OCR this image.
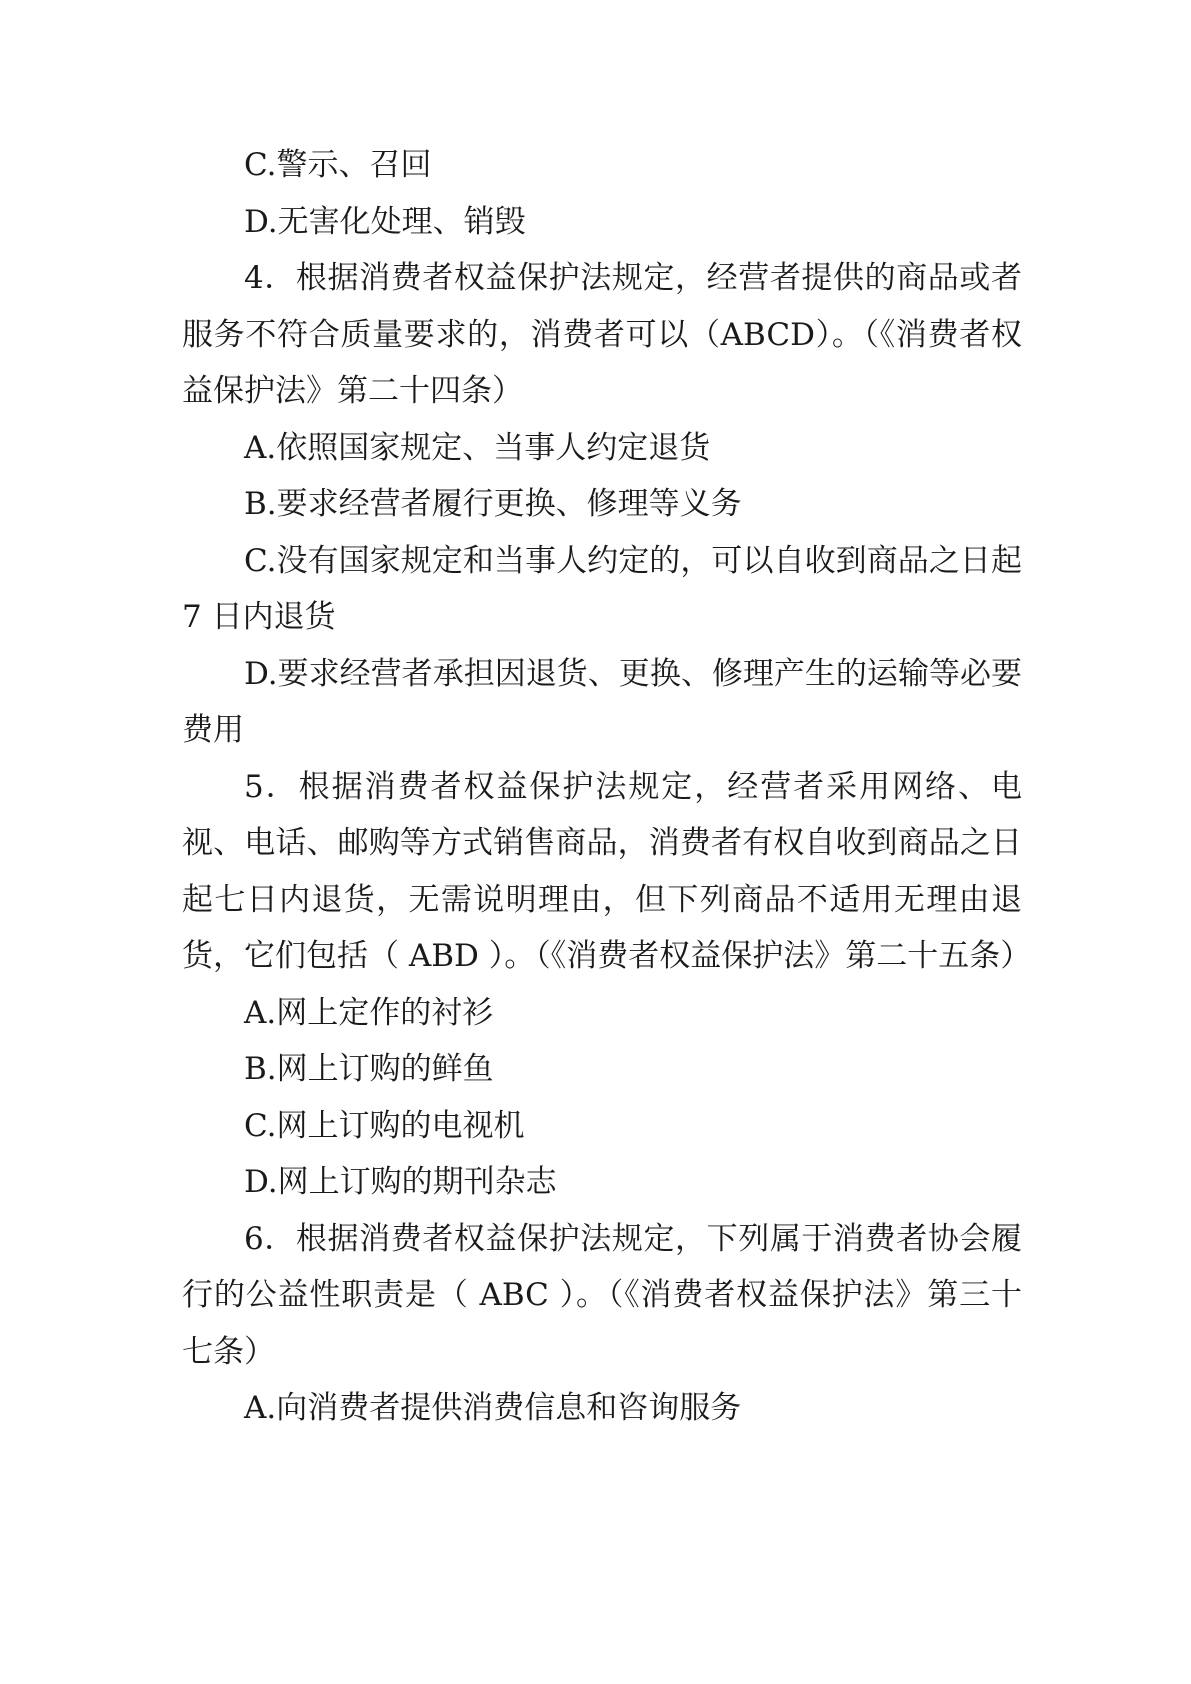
C.警示、召回

D.无害化处理、销毁

4．根据消费者权益保护法规定，经营者提供的商品或者服务不符合质量要求的，消费者可以（ABCD）。（《消费者权益保护法》第二十四条）

A.依照国家规定、当事人约定退货

B.要求经营者履行更换、修理等义务

C.没有国家规定和当事人约定的，可以自收到商品之日起 7 日内退货

D.要求经营者承担因退货、更换、修理产生的运输等必要费用

5．根据消费者权益保护法规定，经营者采用网络、电视、电话、邮购等方式销售商品，消费者有权自收到商品之日起七日内退货，无需说明理由，但下列商品不适用无理由退货，它们包括（ ABD ）。（《消费者权益保护法》第二十五条）

A.网上定作的衬衫

B.网上订购的鲜鱼

C.网上订购的电视机

D.网上订购的期刊杂志

6．根据消费者权益保护法规定，下列属于消费者协会履行的公益性职责是（ ABC ）。（《消费者权益保护法》第三十七条）

A.向消费者提供消费信息和咨询服务
